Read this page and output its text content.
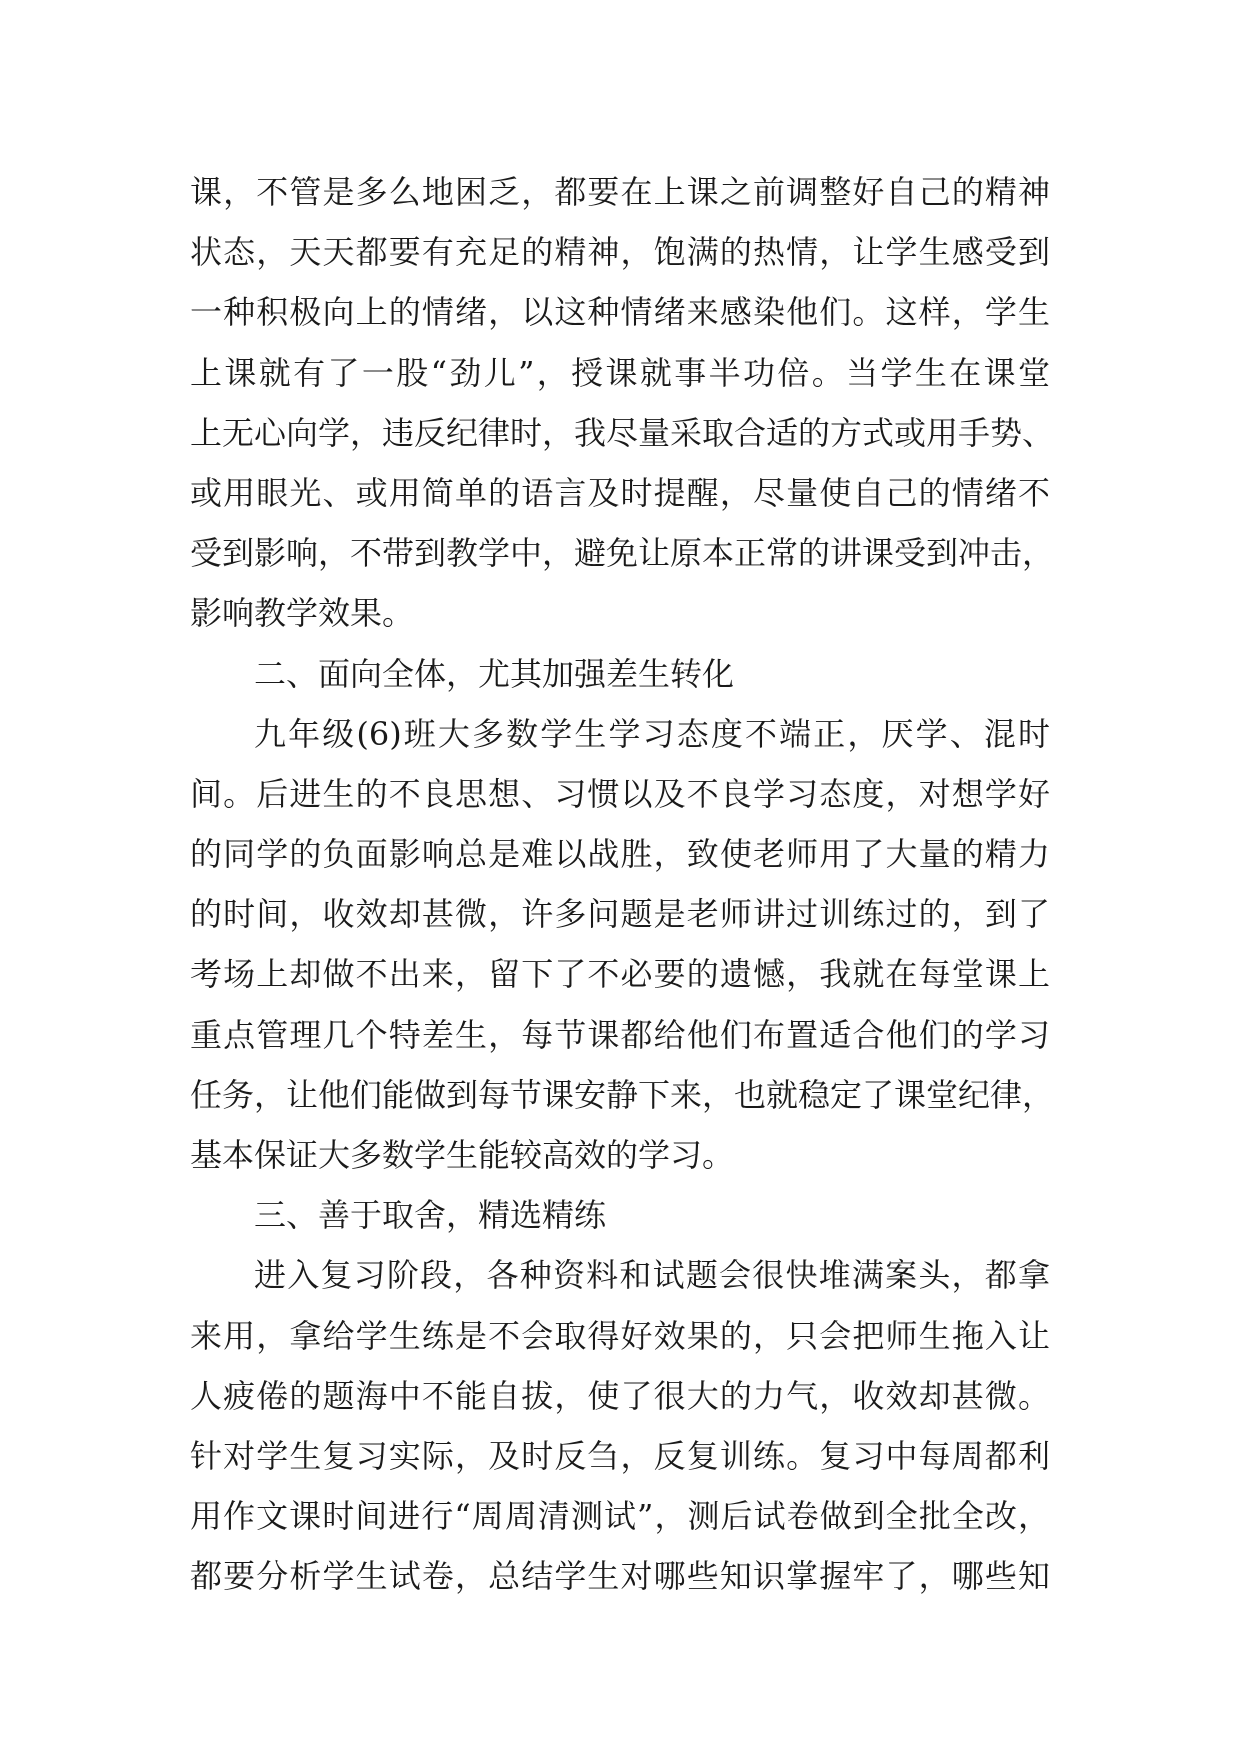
课，不管是多么地困乏，都要在上课之前调整好自己的精神
状态，天天都要有充足的精神，饱满的热情，让学生感受到
一种积极向上的情绪，以这种情绪来感染他们。这样，学生
上课就有了一股“劲儿”，授课就事半功倍。当学生在课堂
上无心向学，违反纪律时，我尽量采取合适的方式或用手势、
或用眼光、或用简单的语言及时提醒，尽量使自己的情绪不
受到影响，不带到教学中，避免让原本正常的讲课受到冲击，
影响教学效果。
二、面向全体，尤其加强差生转化
九年级(6)班大多数学生学习态度不端正，厌学、混时
间。后进生的不良思想、习惯以及不良学习态度，对想学好
的同学的负面影响总是难以战胜，致使老师用了大量的精力
的时间，收效却甚微，许多问题是老师讲过训练过的，到了
考场上却做不出来，留下了不必要的遗憾，我就在每堂课上
重点管理几个特差生，每节课都给他们布置适合他们的学习
任务，让他们能做到每节课安静下来，也就稳定了课堂纪律，
基本保证大多数学生能较高效的学习。
三、善于取舍，精选精练
进入复习阶段，各种资料和试题会很快堆满案头，都拿
来用，拿给学生练是不会取得好效果的，只会把师生拖入让
人疲倦的题海中不能自拔，使了很大的力气，收效却甚微。
针对学生复习实际，及时反刍，反复训练。复习中每周都利
用作文课时间进行“周周清测试”，测后试卷做到全批全改，
都要分析学生试卷，总结学生对哪些知识掌握牢了，哪些知
